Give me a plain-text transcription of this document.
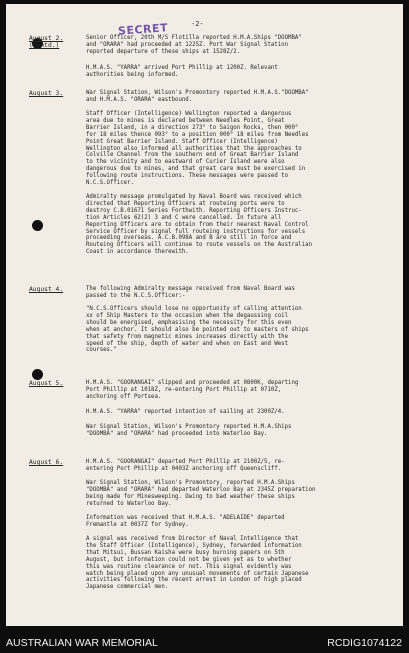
-2-
SECRET
August 2.
(Contd.)
Senior Officer, 20th M/S Flotilla reported H.M.A.Ships "DOOMBA"
and "ORARA" had proceeded at 1225Z. Port War Signal Station
reported departure of these ships at 1528Z/2.
H.M.A.S. "YARRA" arrived Port Phillip at 1200Z. Relevant
authorities being informed.
August 3.	War Signal Station, Wilson's Promontory reported H.M.A.S."DOOMBA"
and H.M.A.S. "ORARA" eastbound.
Staff Officer (Intelligence) Wellington reported a dangerous
area due to mines is declared between Needles Point, Great
Barrier Island, in a direction 273° to Saigon Rocks, then 000°
for 18 miles thence 093° to a position 000° 18 miles from Needles
Point Great Barrier Island. Staff Officer (Intelligence)
Wellington also informed all authorities that the approaches to
Colville Channel from the southern end of Great Barrier Island
to the vicinity and to eastward of Curier Island were also
dangerous due to mines, and that great care must be exercised in
following route instructions. These messages were passed to
N.C.S.Officer.
Admiralty message promulgated by Naval Board was received which
directed that Reporting Officers at routeing ports were to
destroy C.B.01671 Series Forthwith. Reporting Officers Instruc-
tion Articles 62(2) 3 and C were cancelled. In future all
Reporting Officers are to obtain from their nearest Naval Control
Service Officer by signal full routeing instructions for vessels
proceeding overseas. A.C.B.098A and B are still in force and
Routeing Officers will continue to route vessels on the Australian
Coast in accordance therewith.
August 4.	The following Admiralty message received from Naval Board was
passed to the N.C.S.Officer:-
"N.C.S.Officers should lose no opportunity of calling attention
xx of Ship Masters to the occasion when the degaussing coil
should be energised, emphasising the necessity for this even
when at anchor. It should also be pointed out to masters of ships
that safety from magnetic mines increases directly with the
speed of the ship, depth of water and when on East and West
courses."
August 5.	H.M.A.S. "GOORANGAI" slipped and proceeded at 0800K, departing
Port Phillip at 1018Z, re-entering Port Phillip at 0710Z,
anchoring off Portsea.
H.M.A.S. "YARRA" reported intention of sailing at 2300Z/4.
War Signal Station, Wilson's Promontory reported H.M.A.Ships
"DOOMBA" and "ORARA" had proceeded into Waterloo Bay.
August 6.	H.M.A.S. "GOORANGAI" departed Port Phillip at 2100Z/5, re-
entering Port Phillip at 0403Z anchoring off Queenscliff.
War Signal Station, Wilson's Promontory, reported H.M.A.Ships
"DOOMBA" and "ORARA" had departed Waterloo Bay at 2345Z preparation
being made for Minesweeping. Owing to bad weather these ships
returned to Waterloo Bay.
Information was received that H.M.A.S. "ADELAIDE" departed
Fremantle at 0037Z for Sydney.
A signal was received from Director of Naval Intelligence that
the Staff Officer (Intelligence), Sydney, forwarded information
that Mitsui, Bussan Kaisha were busy burning papers on 5th
August, but information could not be given yet as to whether
this was routine clearance or not. This signal evidently was
watch being placed upon any unusual movements of certain Japanese
activities following the recent arrest in London of high placed
Japanese commercial men.
AUSTRALIAN WAR MEMORIAL	RCDIG1074122
